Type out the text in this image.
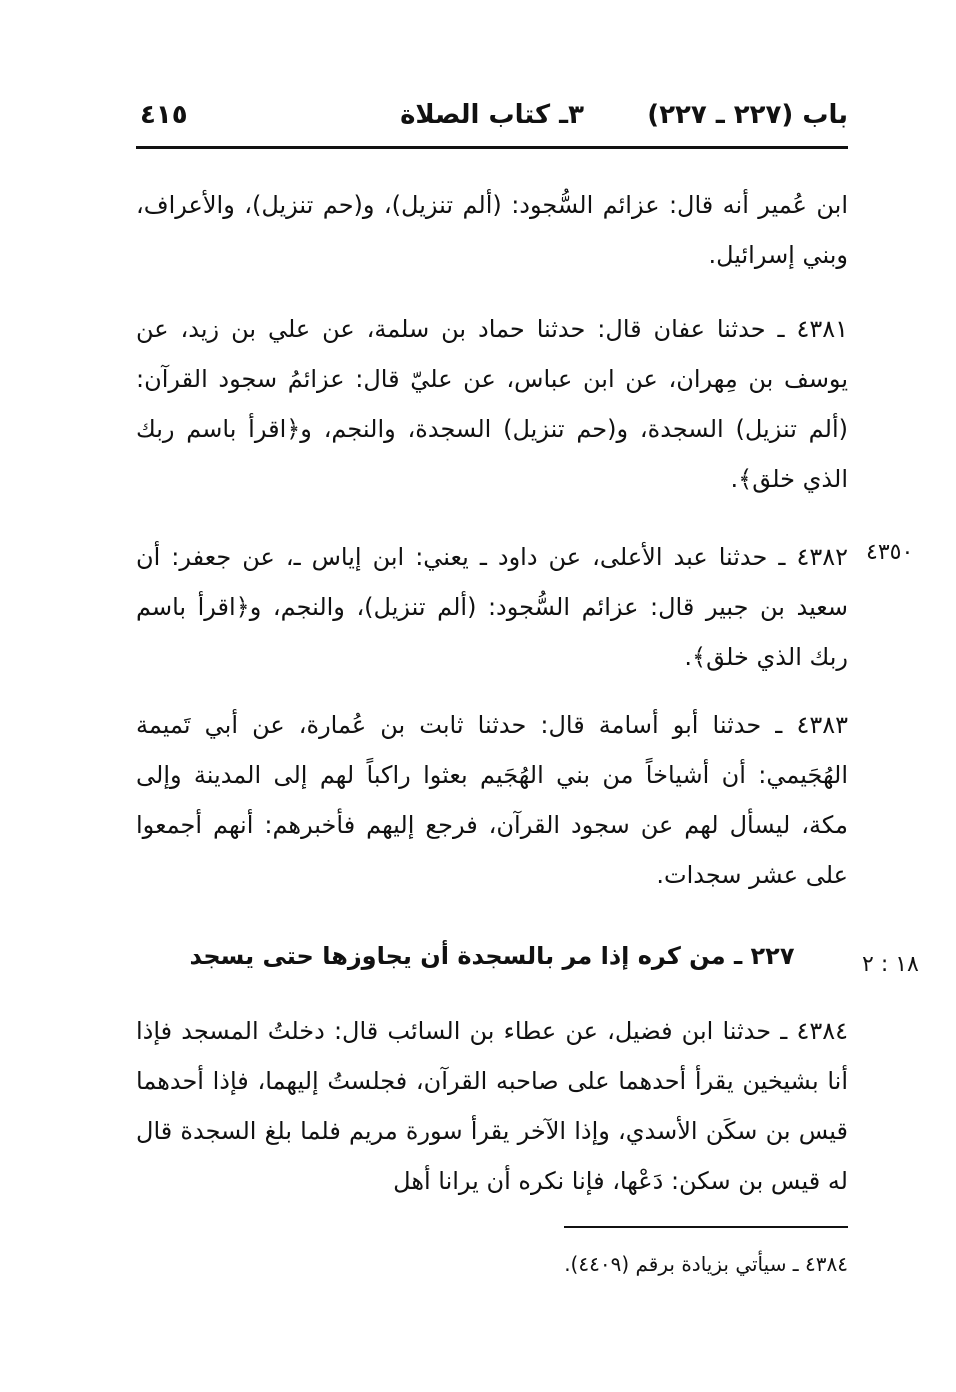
باب (٢٢٧ ـ ٢٢٧)
٣ـ كتاب الصلاة
٤١٥

ابن عُمير أنه قال: عزائم السُّجود: (ألم تنزيل)، و(حم تنزيل)، والأعراف، وبني إسرائيل.

٤٣٨١ ـ حدثنا عفان قال: حدثنا حماد بن سلمة، عن علي بن زيد، عن يوسف بن مِهران، عن ابن عباس، عن عليّ قال: عزائمُ سجود القرآن: (ألم تنزيل) السجدة، و(حم تنزيل) السجدة، والنجم، و﴿اقرأ باسم ربك الذي خلق﴾.

٤٣٥٠

٤٣٨٢ ـ حدثنا عبد الأعلى، عن داود ـ يعني: ابن إياس ـ، عن جعفر: أن سعيد بن جبير قال: عزائم السُّجود: (ألم تنزيل)، والنجم، و﴿اقرأ باسم ربك الذي خلق﴾.

٤٣٨٣ ـ حدثنا أبو أسامة قال: حدثنا ثابت بن عُمارة، عن أبي تَميمة الهُجَيمي: أن أشياخاً من بني الهُجَيم بعثوا راكباً لهم إلى المدينة وإلى مكة، ليسأل لهم عن سجود القرآن، فرجع إليهم فأخبرهم: أنهم أجمعوا على عشر سجدات.

١٨ : ٢
٢٢٧ ـ من كره إذا مر بالسجدة أن يجاوزها حتى يسجد

٤٣٨٤ ـ حدثنا ابن فضيل، عن عطاء بن السائب قال: دخلتُ المسجد فإذا أنا بشيخين يقرأ أحدهما على صاحبه القرآن، فجلستُ إليهما، فإذا أحدهما قيس بن سكَن الأسدي، وإذا الآخر يقرأ سورة مريم فلما بلغ السجدة قال له قيس بن سكن: دَعْها، فإنا نكره أن يرانا أهل

٤٣٨٤ ـ سيأتي بزيادة برقم (٤٤٠٩).
